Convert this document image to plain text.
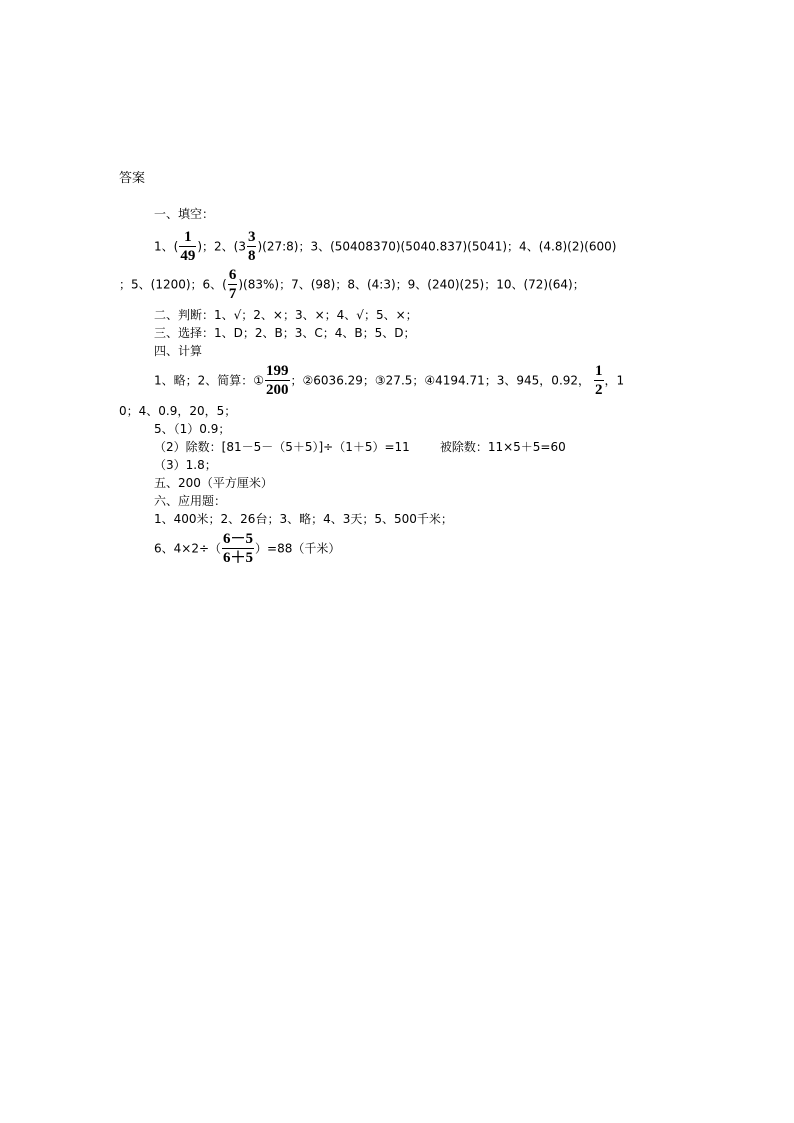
答案
一、填空：
1、( $\frac{1}{49}$ )；2、($3 \frac{3}{8}$ )(27:8)；3、(50408370)(5040.837)(5041)；4、(4.8)(2)(600)
；5、(1200)；6、( $\frac{6}{7} )(83\%)$；7、(98)；8、(4:3)；9、(240)(25)；10、(72)(64)；
二、判断：1、√；2、×；3、×；4、√；5、×；
三、选择：1、D；2、B；3、C；4、B；5、D；
四、计算
1、略；2、简算：① $\frac{199}{200}$ ；②6036.29；③27.5；④4194.71；3、945，0.92， $\frac{1}{2}$ ，1
0；4、0.9，20，5；
5、（1）0.9；
（2）除数：[81－5－（5＋5）]÷（1＋5）=11	被除数：11×5＋5=60
（3）1.8；
五、200（平方厘米）
六、应用题：
1、400米；2、26台；3、略；4、3天；5、500千米；
6、$4\times 2\div( \frac{6-5}{6+5} )=88$（千米）
